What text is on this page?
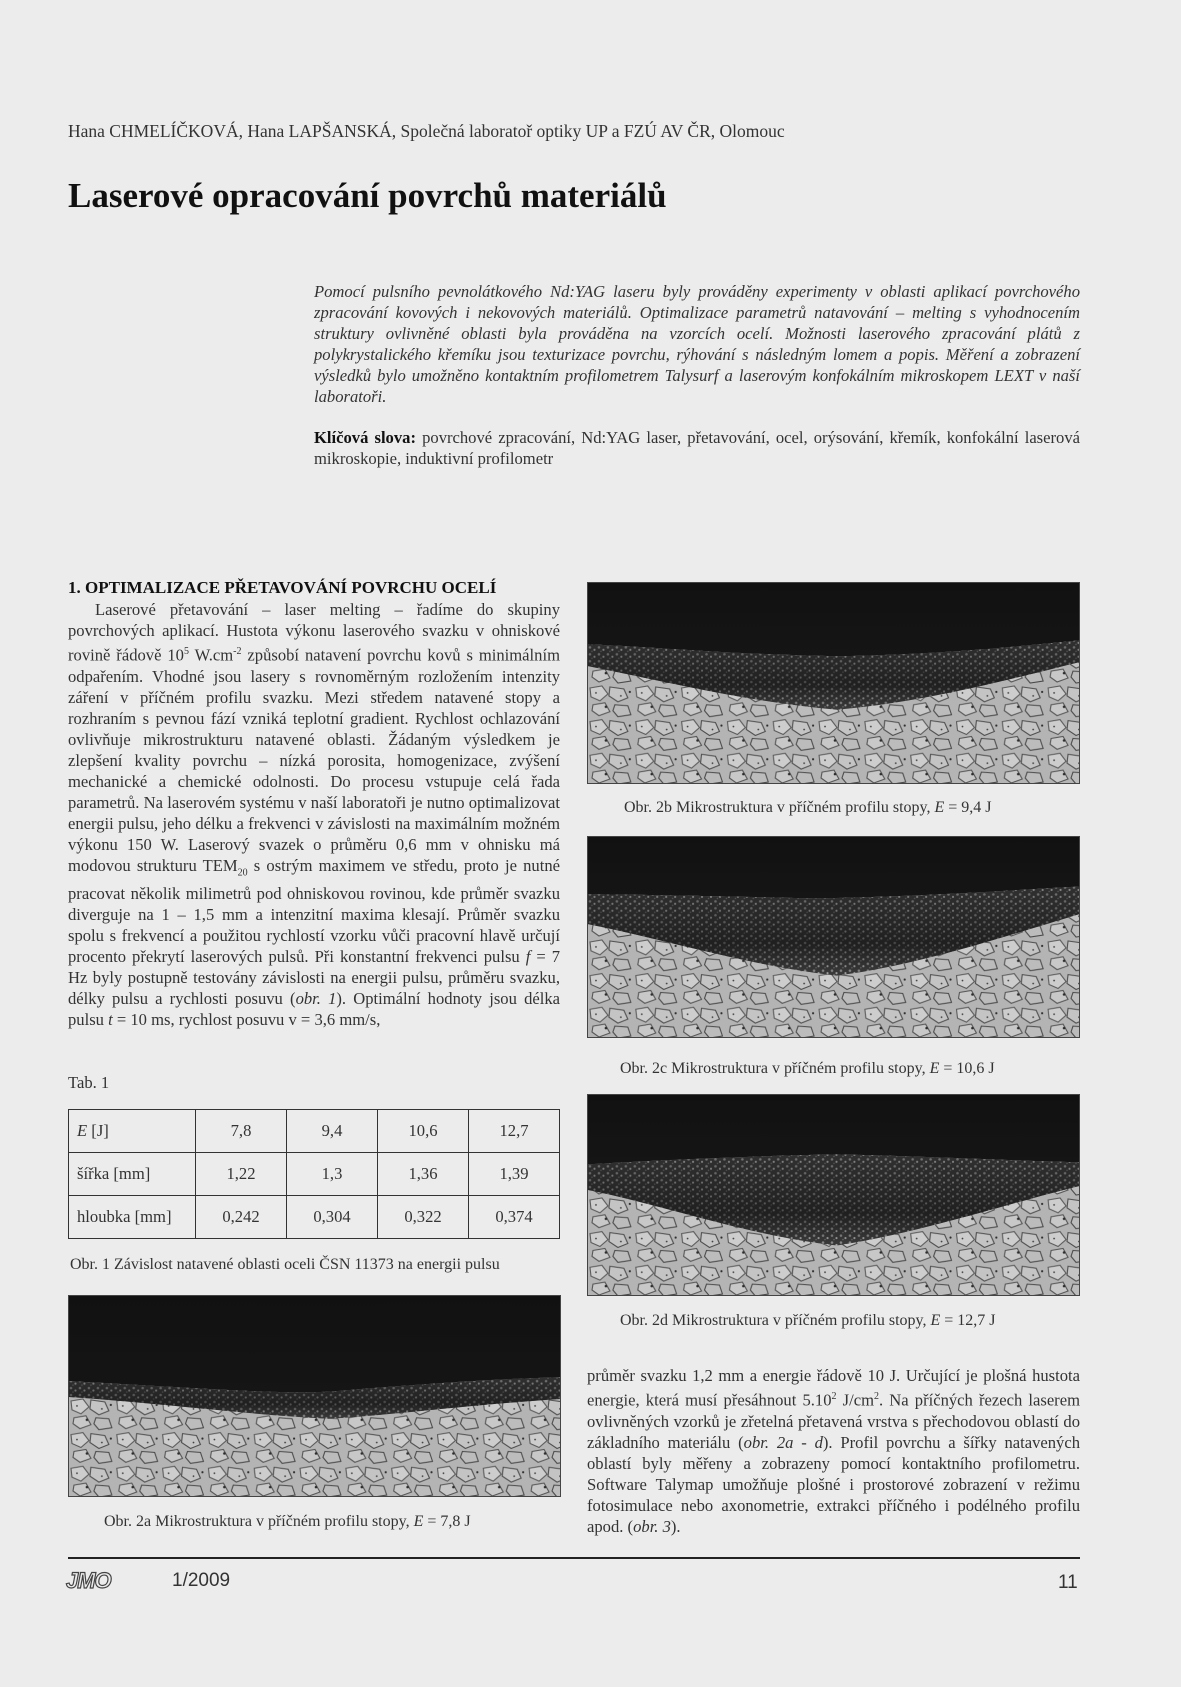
Hana CHMELÍČKOVÁ, Hana LAPŠANSKÁ, Společná laboratoř optiky UP a FZÚ AV ČR, Olomouc
Laserové opracování povrchů materiálů
Pomocí pulsního pevnolátkového Nd:YAG laseru byly prováděny experimenty v oblasti aplikací povrchového zpracování kovových i nekovových materiálů. Optimalizace parametrů natavování – melting s vyhodnocením struktury ovlivněné oblasti byla prováděna na vzorcích ocelí. Možnosti laserového zpracování plátů z polykrystalického křemíku jsou texturizace povrchu, rýhování s následným lomem a popis. Měření a zobrazení výsledků bylo umožněno kontaktním profilometrem Talysurf a laserovým konfokálním mikroskopem LEXT v naší laboratoři.
Klíčová slova: povrchové zpracování, Nd:YAG laser, přetavování, ocel, orýsování, křemík, konfokální laserová mikroskopie, induktivní profilometr
1. OPTIMALIZACE PŘETAVOVÁNÍ POVRCHU OCELÍ

Laserové přetavování – laser melting – řadíme do skupiny povrchových aplikací. Hustota výkonu laserového svazku v ohniskové rovině řádově $10^5$ $W.cm^{-2}$ způsobí natavení povrchu kovů s minimálním odpařením. Vhodné jsou lasery s rovnoměrným rozložením intenzity záření v příčném profilu svazku. Mezi středem natavené stopy a rozhraním s pevnou fází vzniká teplotní gradient. Rychlost ochlazování ovlivňuje mikrostrukturu natavené oblasti. Žádaným výsledkem je zlepšení kvality povrchu – nízká porosita, homogenizace, zvýšení mechanické a chemické odolnosti. Do procesu vstupuje celá řada parametrů. Na laserovém systému v naší laboratoři je nutno optimalizovat energii pulsu, jeho délku a frekvenci v závislosti na maximálním možném výkonu 150 W. Laserový svazek o průměru 0,6 mm v ohnisku má modovou strukturu $TEM_{20}$ s ostrým maximem ve středu, proto je nutné pracovat několik milimetrů pod ohniskovou rovinou, kde průměr svazku diverguje na 1 – 1,5 mm a intenzitní maxima klesají. Průměr svazku spolu s frekvencí a použitou rychlostí vzorku vůči pracovní hlavě určují procento překrytí laserových pulsů. Při konstantní frekvenci pulsu f = 7 Hz byly postupně testovány závislosti na energii pulsu, průměru svazku, délky pulsu a rychlosti posuvu (obr. 1). Optimální hodnoty jsou délka pulsu t = 10 ms, rychlost posuvu v = 3,6 mm/s,

Tab. 1
E [J]	7,8	9,4	10,6	12,7
šířka [mm]	1,22	1,3	1,36	1,39
hloubka [mm]	0,242	0,304	0,322	0,374
Obr. 1 Závislost natavené oblasti oceli ČSN 11373 na energii pulsu
Obr. 2a Mikrostruktura v příčném profilu stopy, E = 7,8 J
Obr. 2b Mikrostruktura v příčném profilu stopy, E = 9,4 J
Obr. 2c Mikrostruktura v příčném profilu stopy, E = 10,6 J
Obr. 2d Mikrostruktura v příčném profilu stopy, E = 12,7 J

průměr svazku 1,2 mm a energie řádově 10 J. Určující je plošná hustota energie, která musí přesáhnout 5.10$^2$ $J/cm^2$. Na příčných řezech laserem ovlivněných vzorků je zřetelná přetavená vrstva s přechodovou oblastí do základního materiálu (obr. 2a - d). Profil povrchu a šířky natavených oblastí byly měřeny a zobrazeny pomocí kontaktního profilometru. Software Talymap umožňuje plošné i prostorové zobrazení v režimu fotosimulace nebo axonometrie, extrakci příčného i podélného profilu apod. (obr. 3).

JMO	1/2009	11
